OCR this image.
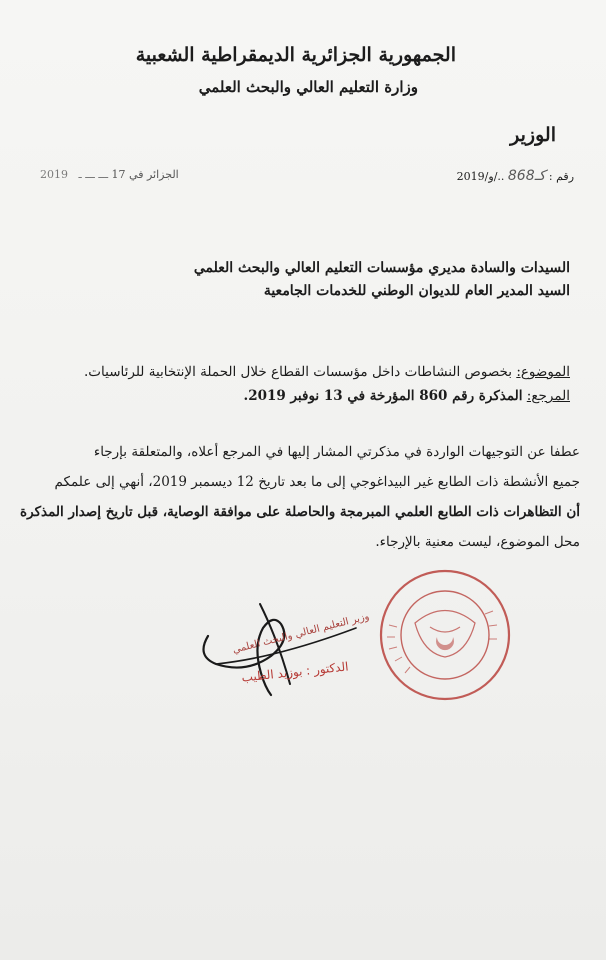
الجمهورية الجزائرية الديمقراطية الشعبية
وزارة التعليم العالي والبحث العلمي
الوزير
رقم : كـ868 ../و/2019
الجزائر في 17 ـــ ـــ ـ ‌ ‌ 2019
السيدات والسادة مديري مؤسسات التعليم العالي والبحث العلمي
السيد المدير العام للديوان الوطني للخدمات الجامعية
الموضوع: بخصوص النشاطات داخل مؤسسات القطاع خلال الحملة الإنتخابية للرئاسيات.
المرجع: المذكرة رقم 860 المؤرخة في 13 نوفبر 2019.
عطفا عن التوجيهات الواردة في مذكرتي المشار إليها في المرجع أعلاه، والمتعلقة بإرجاء
جميع الأنشطة ذات الطابع غير البيداغوجي إلى ما بعد تاريخ 12 ديسمبر 2019، أنهي إلى علمكم
أن التظاهرات ذات الطابع العلمي المبرمجة والحاصلة على موافقة الوصاية، قبل تاريخ إصدار المذكرة
محل الموضوع، ليست معنية بالإرجاء.
وزير التعليم العالي والبحث العلمي
الدكتور : بوزيد الطيب
